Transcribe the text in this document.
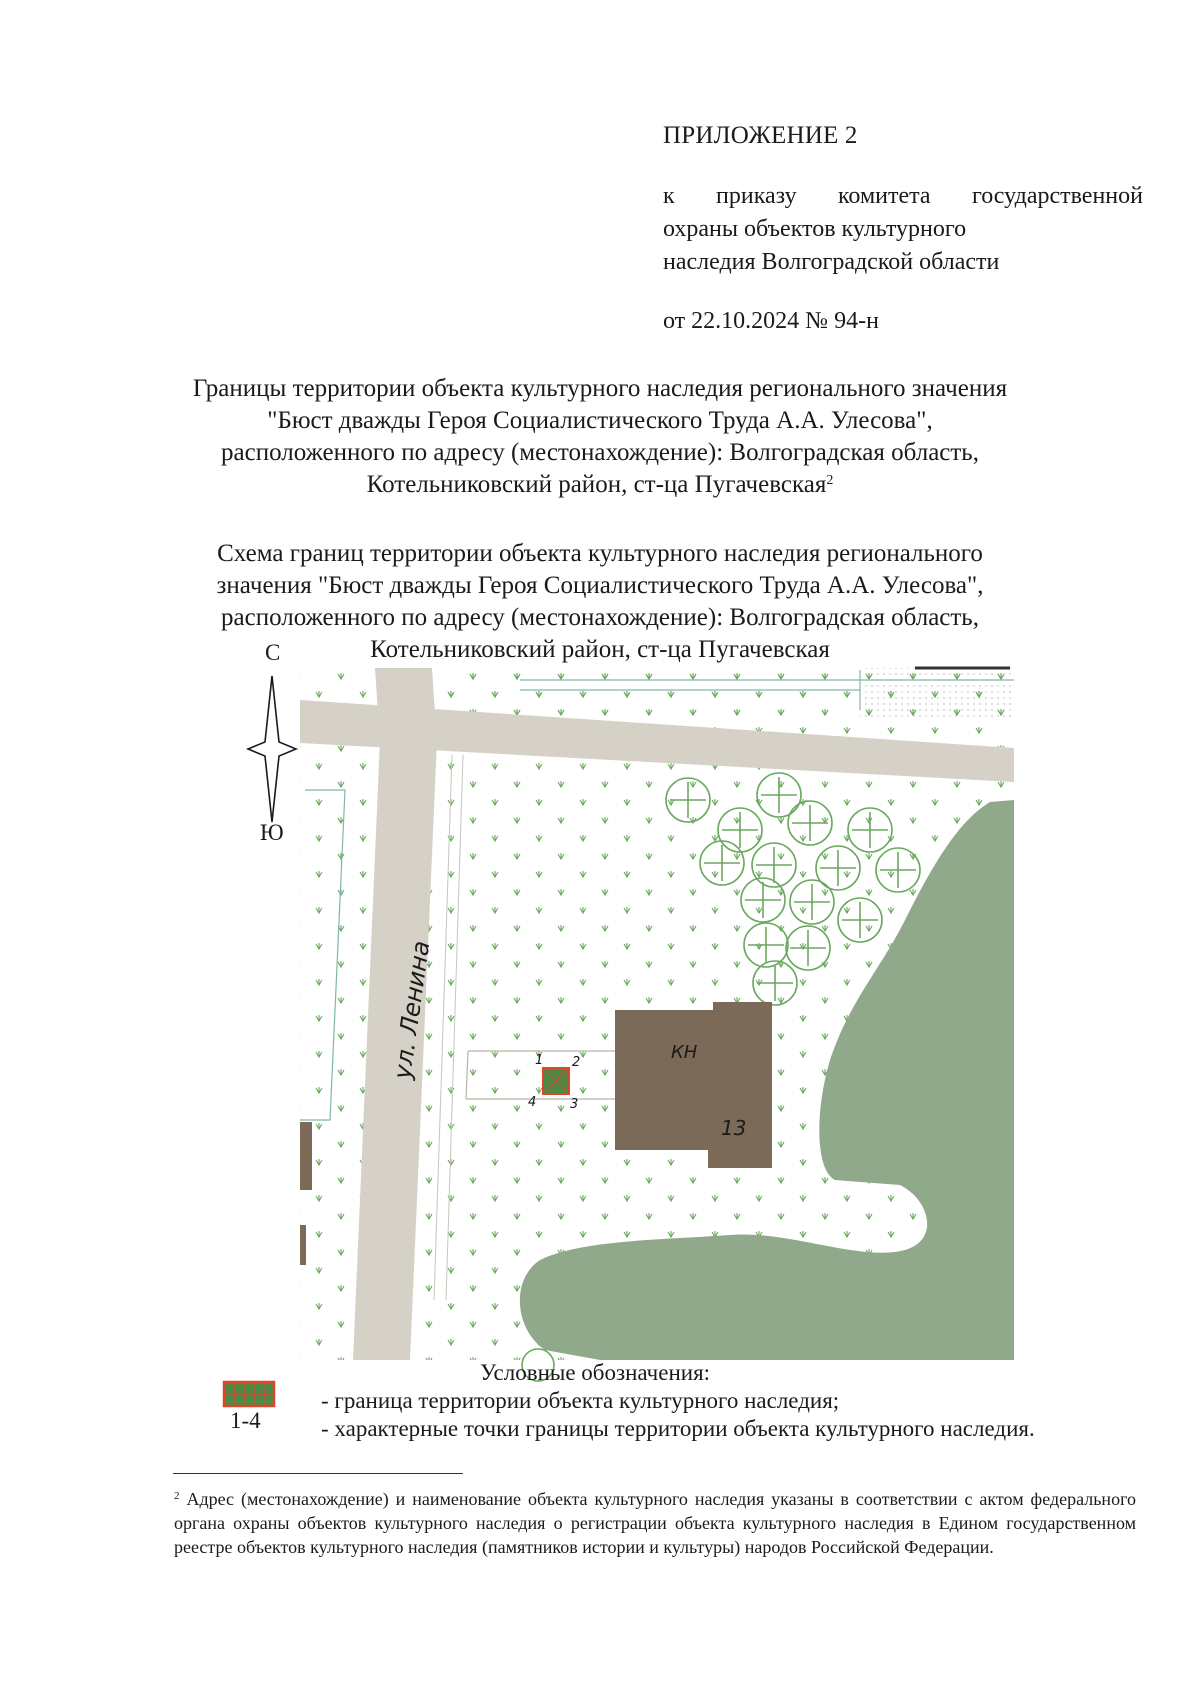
ПРИЛОЖЕНИЕ 2
к приказу комитета государственной
охраны объектов культурного
наследия Волгоградской области
от 22.10.2024 № 94-н
Границы территории объекта культурного наследия регионального значения
"Бюст дважды Героя Социалистического Труда А.А. Улесова",
расположенного по адресу (местонахождение): Волгоградская область,
Котельниковский район, ст-ца Пугачевская$^2$
Схема границ территории объекта культурного наследия регионального
значения "Бюст дважды Героя Социалистического Труда А.А. Улесова",
расположенного по адресу (местонахождение): Волгоградская область,
Котельниковский район, ст-ца Пугачевская
КН
13
1 2
3
4
ул. Ленина
С
Ю
Условные обозначения:
- граница территории объекта культурного наследия;
1-4	- характерные точки границы территории объекта культурного наследия.
$^2$ Адрес (местонахождение) и наименование объекта культурного наследия указаны в соответствии с актом федерального органа охраны объектов культурного наследия о регистрации объекта культурного наследия в Едином государственном реестре объектов культурного наследия (памятников истории и культуры) народов Российской Федерации.
